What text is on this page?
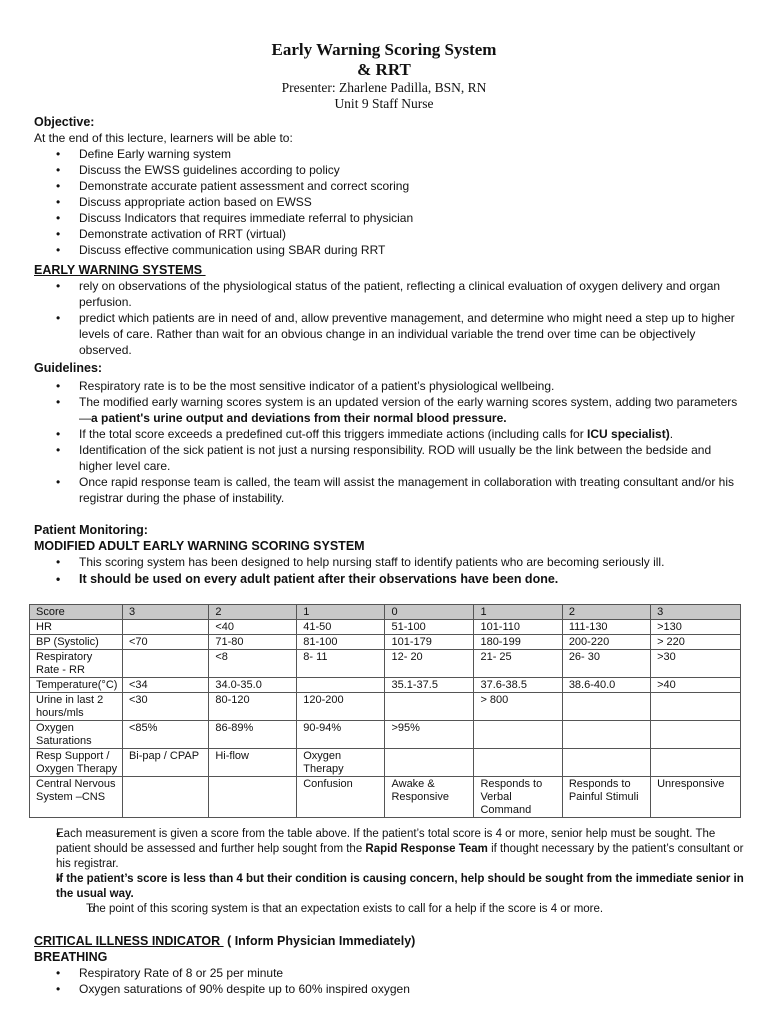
Early Warning Scoring System
& RRT
Presenter: Zharlene Padilla, BSN, RN
Unit 9 Staff Nurse
Objective:
At the end of this lecture, learners will be able to:
• Define Early warning system
• Discuss the EWSS guidelines according to policy
• Demonstrate accurate patient assessment and correct scoring
• Discuss appropriate action based on EWSS
• Discuss Indicators that requires immediate referral to physician
• Demonstrate activation of RRT (virtual)
• Discuss effective communication using SBAR during RRT
EARLY WARNING SYSTEMS
• rely on observations of the physiological status of the patient, reflecting a clinical evaluation of oxygen delivery and organ perfusion.
• predict which patients are in need of and, allow preventive management, and determine who might need a step up to higher levels of care. Rather than wait for an obvious change in an individual variable the trend over time can be objectively observed.
Guidelines:
• Respiratory rate is to be the most sensitive indicator of a patient’s physiological wellbeing.
• The modified early warning scores system is an updated version of the early warning scores system, adding two parameters—a patient's urine output and deviations from their normal blood pressure.
• If the total score exceeds a predefined cut-off this triggers immediate actions (including calls for ICU specialist).
• Identification of the sick patient is not just a nursing responsibility. ROD will usually be the link between the bedside and higher level care.
• Once rapid response team is called, the team will assist the management in collaboration with treating consultant and/or his registrar during the phase of instability.
Patient Monitoring:
MODIFIED ADULT EARLY WARNING SCORING SYSTEM
• This scoring system has been designed to help nursing staff to identify patients who are becoming seriously ill.
• It should be used on every adult patient after their observations have been done.
Score	3	2	1	0	1	2	3
HR		<40	41-50	51-100	101-110	111-130	>130
BP (Systolic)	<70	71-80	81-100	101-179	180-199	200-220	> 220
Respiratory Rate - RR		<8	8- 11	12- 20	21- 25	26- 30	>30
Temperature(°C)	<34	34.0-35.0		35.1-37.5	37.6-38.5	38.6-40.0	>40
Urine in last 2 hours/mls	<30	80-120	120-200		> 800		
Oxygen Saturations	<85%	86-89%	90-94%	>95%			
Resp Support / Oxygen Therapy	Bi-pap / CPAP	Hi-flow	Oxygen Therapy				
Central Nervous System –CNS			Confusion	Awake & Responsive	Responds to Verbal Command	Responds to Painful Stimuli	Unresponsive
• Each measurement is given a score from the table above. If the patient’s total score is 4 or more, senior help must be sought. The patient should be assessed and further help sought from the Rapid Response Team if thought necessary by the patient’s consultant or his registrar.
• If the patient’s score is less than 4 but their condition is causing concern, help should be sought from the immediate senior in the usual way.
o The point of this scoring system is that an expectation exists to call for a help if the score is 4 or more.
CRITICAL ILLNESS INDICATOR  ( Inform Physician Immediately)
BREATHING
• Respiratory Rate of 8 or 25 per minute
• Oxygen saturations of 90% despite up to 60% inspired oxygen
